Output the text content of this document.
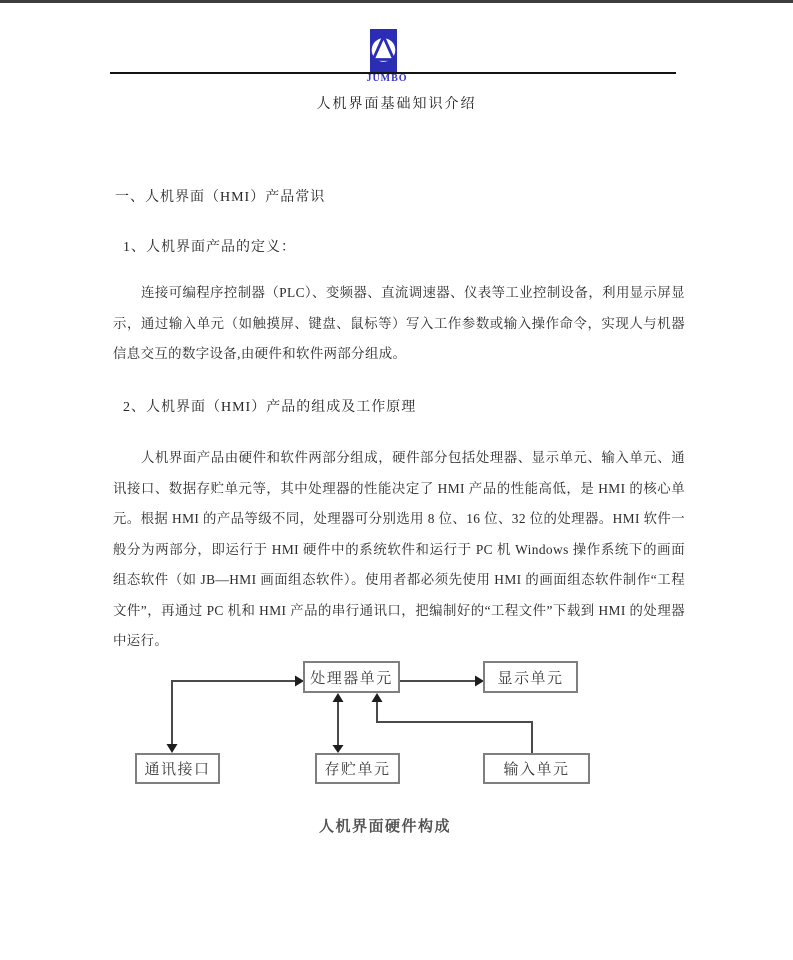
JUMBO
人机界面基础知识介绍
一、人机界面（HMI）产品常识
1、人机界面产品的定义：
连接可编程序控制器（PLC）、变频器、直流调速器、仪表等工业控制设备，利用显示屏显示，通过输入单元（如触摸屏、键盘、鼠标等）写入工作参数或输入操作命令，实现人与机器信息交互的数字设备,由硬件和软件两部分组成。
2、人机界面（HMI）产品的组成及工作原理
人机界面产品由硬件和软件两部分组成，硬件部分包括处理器、显示单元、输入单元、通讯接口、数据存贮单元等，其中处理器的性能决定了 HMI 产品的性能高低，是 HMI 的核心单元。根据 HMI 的产品等级不同，处理器可分别选用 8 位、16 位、32 位的处理器。HMI 软件一般分为两部分，即运行于 HMI 硬件中的系统软件和运行于 PC 机 Windows 操作系统下的画面组态软件（如 JB—HMI 画面组态软件）。使用者都必须先使用 HMI 的画面组态软件制作“工程文件”，再通过 PC 机和 HMI 产品的串行通讯口，把编制好的“工程文件”下载到 HMI 的处理器中运行。
处理器单元	显示单元
通讯接口	存贮单元	输入单元
人机界面硬件构成
